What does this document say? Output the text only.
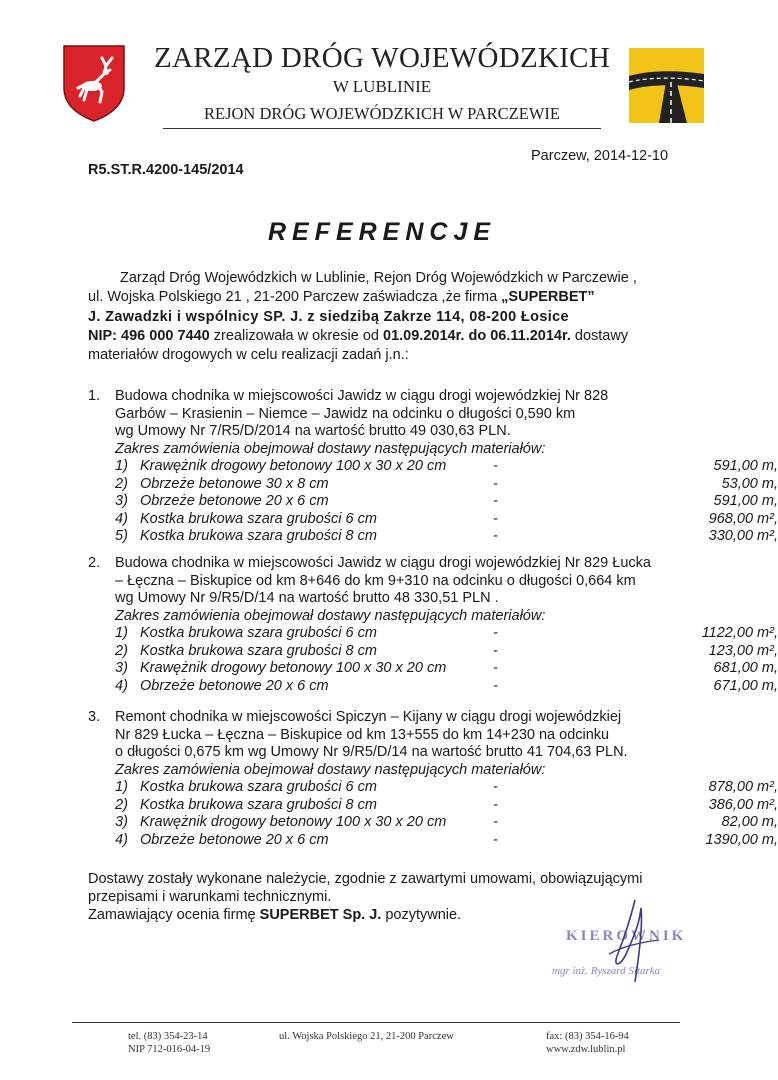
ZARZĄD DRÓG WOJEWÓDZKICH
W LUBLINIE
REJON DRÓG WOJEWÓDZKICH W PARCZEWIE
R5.ST.R.4200-145/2014
Parczew, 2014-12-10
REFERENCJE
Zarząd Dróg Wojewódzkich w Lublinie, Rejon Dróg Wojewódzkich w Parczewie ,
ul. Wojska Polskiego 21 , 21-200 Parczew zaświadcza ,że firma „SUPERBET”
J. Zawadzki i wspólnicy SP. J. z siedzibą Zakrze 114, 08-200 Łosice
NIP: 496 000 7440 zrealizowała w okresie od 01.09.2014r. do 06.11.2014r. dostawy
materiałów drogowych w celu realizacji zadań j.n.:
1. Budowa chodnika w miejscowości Jawidz w ciągu drogi wojewódzkiej Nr 828
Garbów – Krasienin – Niemce – Jawidz na odcinku o długości 0,590 km
wg Umowy Nr 7/R5/D/2014 na wartość brutto 49 030,63 PLN.
Zakres zamówienia obejmował dostawy następujących materiałów:
1) Krawężnik drogowy betonowy 100 x 30 x 20 cm	-	591,00 m,
2) Obrzeże betonowe 30 x 8 cm	-	53,00 m,
3) Obrzeże betonowe 20 x 6 cm	-	591,00 m,
4) Kostka brukowa szara grubości 6 cm	-	968,00 m²,
5) Kostka brukowa szara grubości 8 cm	-	330,00 m²,
2. Budowa chodnika w miejscowości Jawidz w ciągu drogi wojewódzkiej Nr 829 Łucka
– Łęczna – Biskupice od km 8+646 do km 9+310 na odcinku o długości 0,664 km
wg Umowy Nr 9/R5/D/14 na wartość brutto 48 330,51 PLN .
Zakres zamówienia obejmował dostawy następujących materiałów:
1) Kostka brukowa szara grubości 6 cm	-	1122,00 m²,
2) Kostka brukowa szara grubości 8 cm	-	123,00 m²,
3) Krawężnik drogowy betonowy 100 x 30 x 20 cm	-	681,00 m,
4) Obrzeże betonowe 20 x 6 cm	-	671,00 m,
3. Remont chodnika w miejscowości Spiczyn – Kijany w ciągu drogi wojewódzkiej
Nr 829 Łucka – Łęczna – Biskupice od km 13+555 do km 14+230 na odcinku
o długości 0,675 km wg Umowy Nr 9/R5/D/14 na wartość brutto 41 704,63 PLN.
Zakres zamówienia obejmował dostawy następujących materiałów:
1) Kostka brukowa szara grubości 6 cm	-	878,00 m²,
2) Kostka brukowa szara grubości 8 cm	-	386,00 m²,
3) Krawężnik drogowy betonowy 100 x 30 x 20 cm	-	82,00 m,
4) Obrzeże betonowe 20 x 6 cm	-	1390,00 m,
Dostawy zostały wykonane należycie, zgodnie z zawartymi umowami, obowiązującymi
przepisami i warunkami technicznymi.
Zamawiający ocenia firmę SUPERBET Sp. J. pozytywnie.
KIEROWNIK
mgr inż. Ryszard Sitarka
tel. (83) 354-23-14
NIP 712-016-04-19
ul. Wojska Polskiego 21, 21-200 Parczew	fax: (83) 354-16-94
www.zdw.lublin.pl
